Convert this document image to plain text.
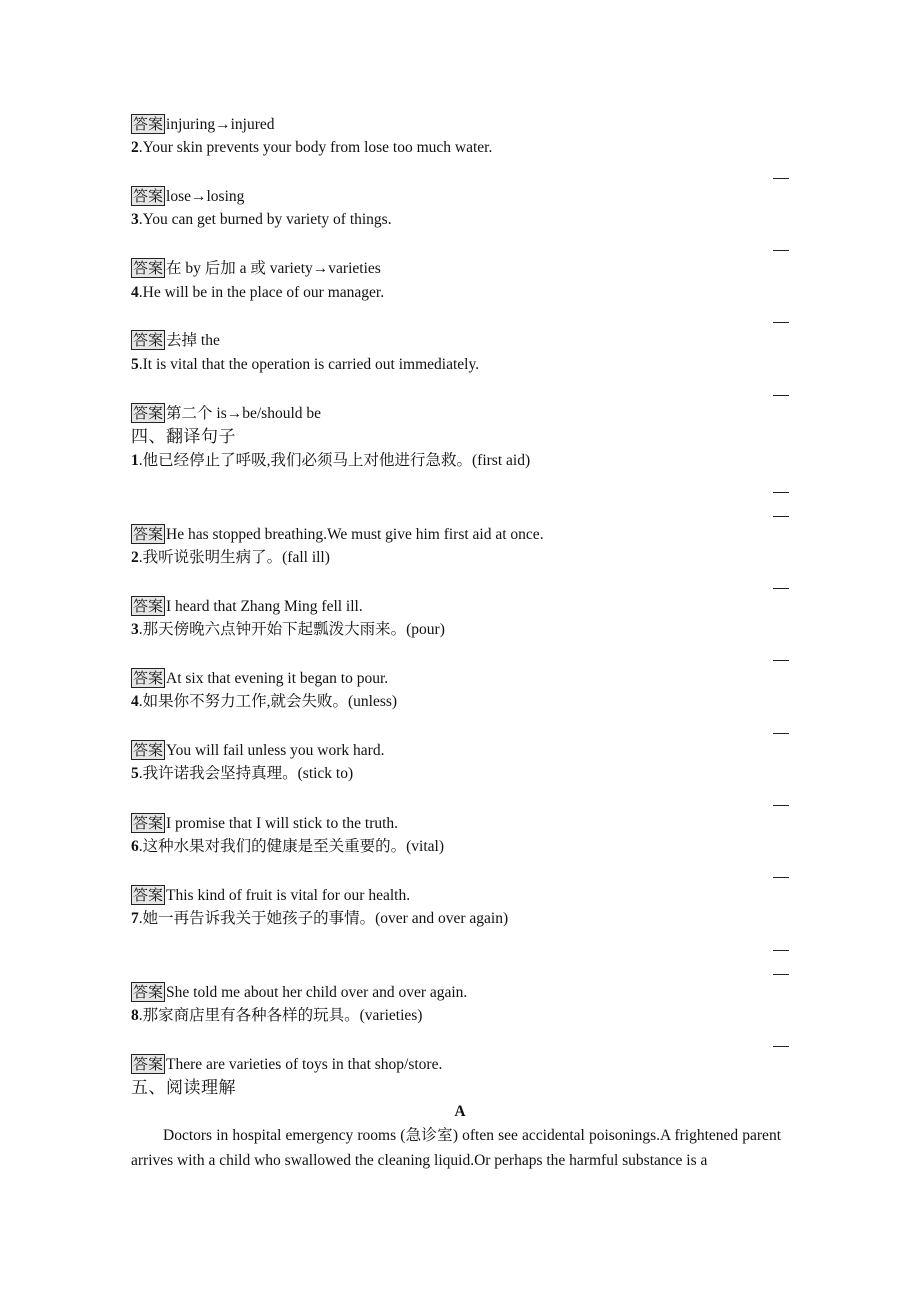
答案 injuring→injured
2.Your skin prevents your body from lose too much water.
答案 lose→losing
3.You can get burned by variety of things.
答案 在 by 后加 a 或 variety→varieties
4.He will be in the place of our manager.
答案 去掉 the
5.It is vital that the operation is carried out immediately.
答案 第二个 is→be/should be
四、翻译句子
1.他已经停止了呼吸,我们必须马上对他进行急救。(first aid)
答案 He has stopped breathing.We must give him first aid at once.
2.我听说张明生病了。(fall ill)
答案 I heard that Zhang Ming fell ill.
3.那天傍晚六点钟开始下起瓢泼大雨来。(pour)
答案 At six that evening it began to pour.
4.如果你不努力工作,就会失败。(unless)
答案 You will fail unless you work hard.
5.我许诺我会坚持真理。(stick to)
答案 I promise that I will stick to the truth.
6.这种水果对我们的健康是至关重要的。(vital)
答案 This kind of fruit is vital for our health.
7.她一再告诉我关于她孩子的事情。(over and over again)
答案 She told me about her child over and over again.
8.那家商店里有各种各样的玩具。(varieties)
答案 There are varieties of toys in that shop/store.
五、阅读理解
A
Doctors in hospital emergency rooms (急诊室) often see accidental poisonings.A frightened parent arrives with a child who swallowed the cleaning liquid.Or perhaps the harmful substance is a
